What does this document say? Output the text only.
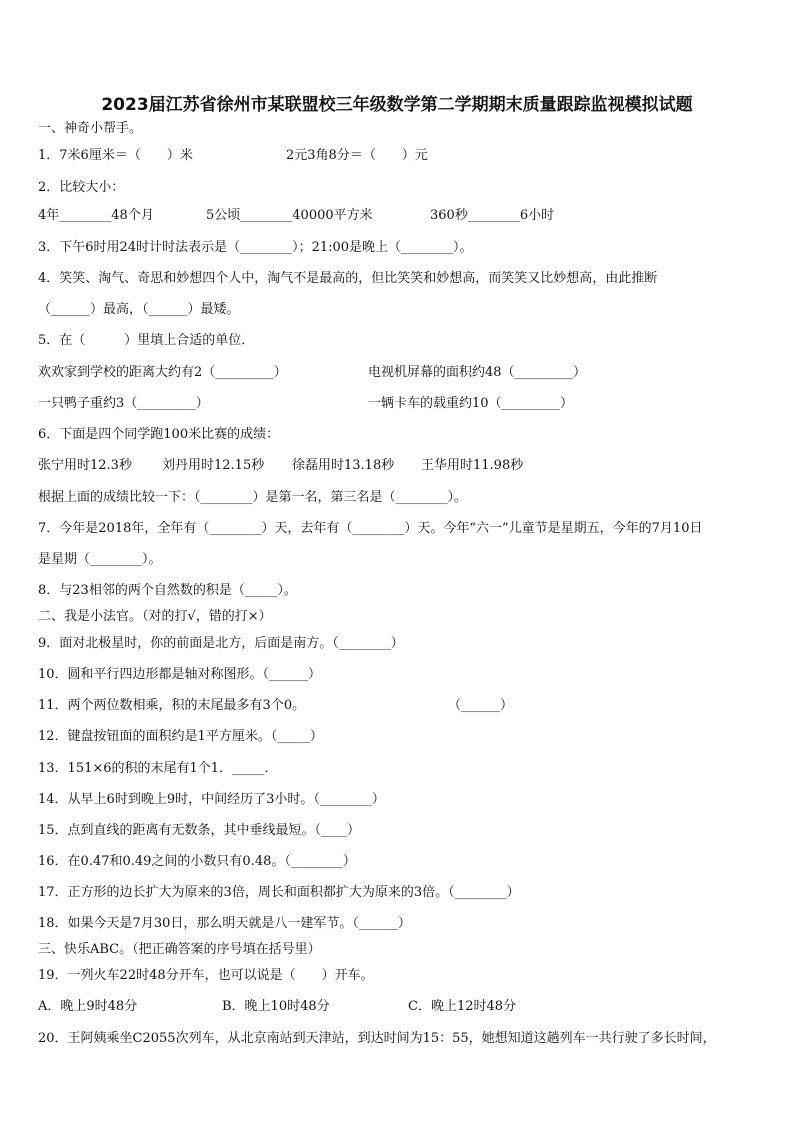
2023届江苏省徐州市某联盟校三年级数学第二学期期末质量跟踪监视模拟试题
一、神奇小帮手。
1．7米6厘米＝（　　）米	2元3角8分＝（　　）元
2．比较大小：
4年________48个月	5公顷________40000平方米	360秒________6小时
3．下午6时用24时计时法表示是（________）；21:00是晚上（________）。
4．笑笑、淘气、奇思和妙想四个人中，淘气不是最高的，但比笑笑和妙想高，而笑笑又比妙想高，由此推断
（______）最高，（______）最矮。
5．在（　　　）里填上合适的单位．
欢欢家到学校的距离大约有2（_________）	电视机屏幕的面积约48（_________）
一只鸭子重约3（_________）	一辆卡车的载重约10（_________）
6．下面是四个同学跑100米比赛的成绩：
张宁用时12.3秒 刘丹用时12.15秒 徐磊用时13.18秒 王华用时11.98秒
根据上面的成绩比较一下：（________）是第一名，第三名是（________）。
7．今年是2018年，全年有（________）天，去年有（________）天。今年“六一”儿童节是星期五，今年的7月10日
是星期（________）。
8．与23相邻的两个自然数的积是（_____）。
二、我是小法官。（对的打√，错的打×）
9．面对北极星时，你的前面是北方，后面是南方。（________）
10．圆和平行四边形都是轴对称图形。（______）
11．两个两位数相乘，积的末尾最多有3个0。	（______）
12．键盘按钮面的面积约是1平方厘米。（_____）
13．151×6的积的末尾有1个1．_____．
14．从早上6时到晚上9时，中间经历了3小时。（________）
15．点到直线的距离有无数条，其中垂线最短。（____）
16．在0.47和0.49之间的小数只有0.48。（________）
17．正方形的边长扩大为原来的3倍，周长和面积都扩大为原来的3倍。（________）
18．如果今天是7月30日，那么明天就是八一建军节。（______）
三、快乐ABC。（把正确答案的序号填在括号里）
19．一列火车22时48分开车，也可以说是（　　）开车。
A．晚上9时48分	B．晚上10时48分	C．晚上12时48分
20．王阿姨乘坐C2055次列车，从北京南站到天津站，到达时间为15：55，她想知道这趟列车一共行驶了多长时间，
